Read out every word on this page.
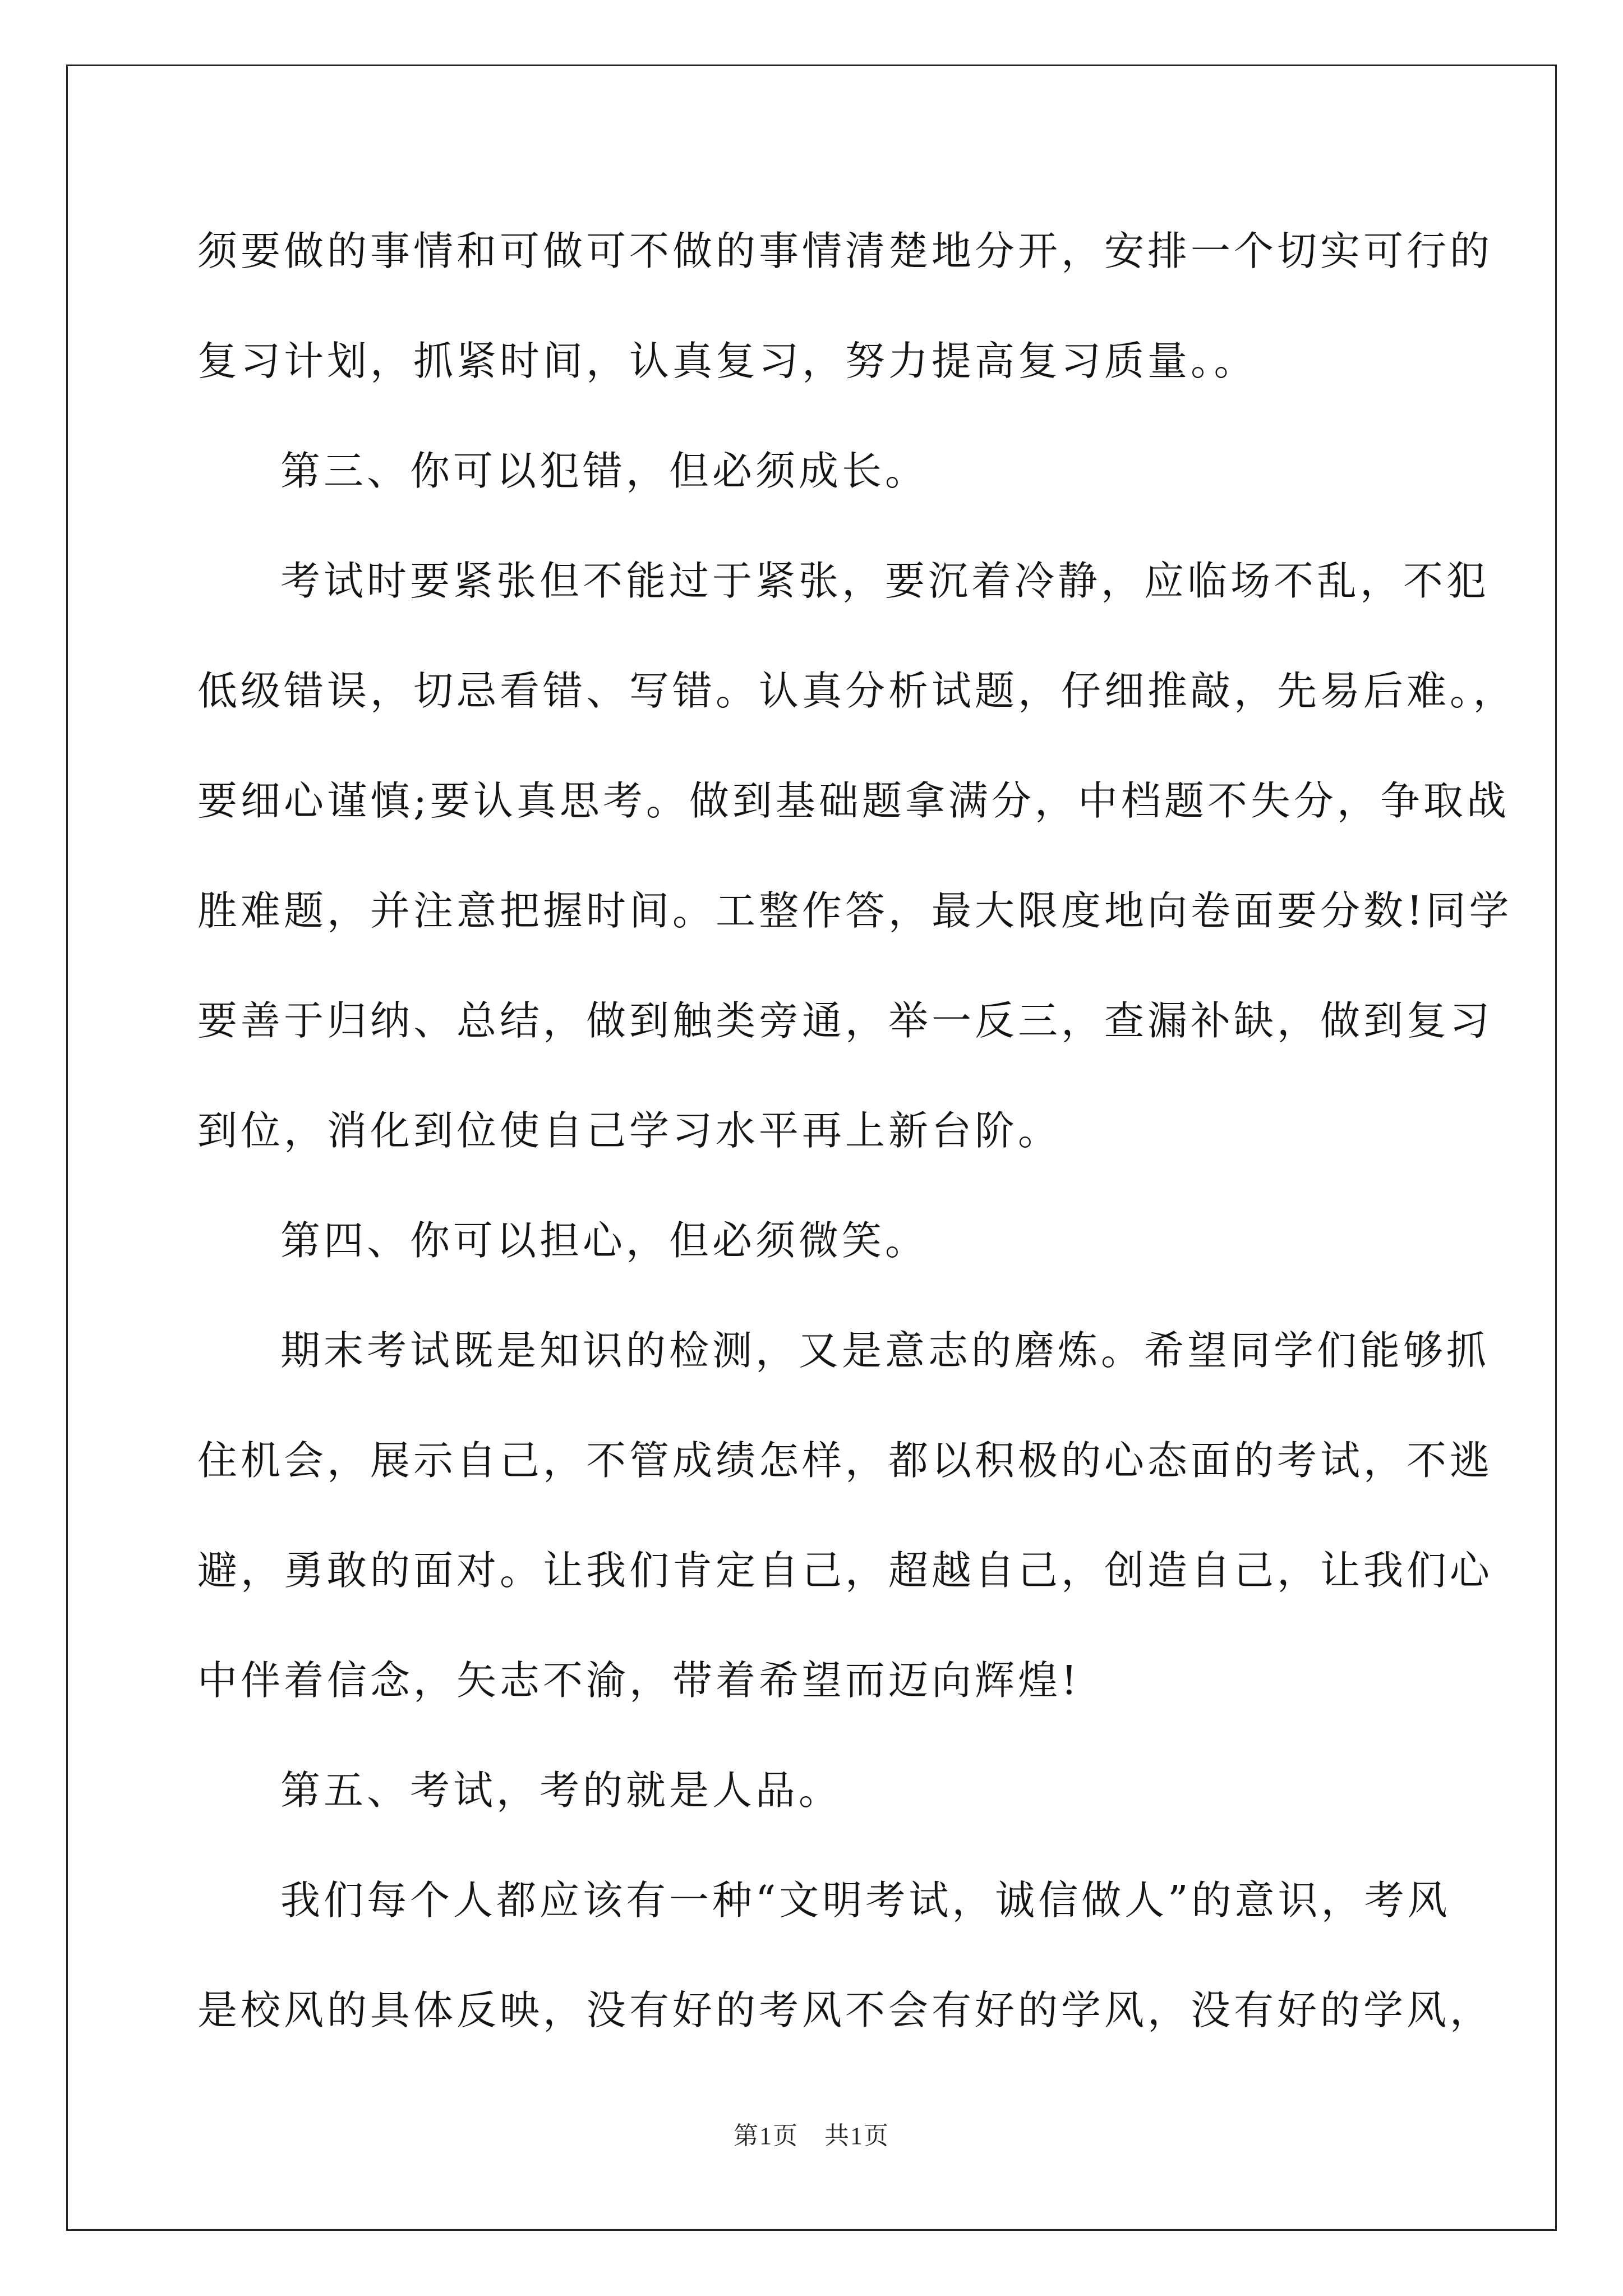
须要做的事情和可做可不做的事情清楚地分开，安排一个切实可行的
复习计划，抓紧时间，认真复习，努力提高复习质量。。
第三、你可以犯错，但必须成长。
考试时要紧张但不能过于紧张，要沉着冷静，应临场不乱，不犯
低级错误，切忌看错、写错。认真分析试题，仔细推敲，先易后难。，
要细心谨慎;要认真思考。做到基础题拿满分，中档题不失分，争取战
胜难题，并注意把握时间。工整作答，最大限度地向卷面要分数!同学
要善于归纳、总结，做到触类旁通，举一反三，查漏补缺，做到复习
到位，消化到位使自己学习水平再上新台阶。
第四、你可以担心，但必须微笑。
期末考试既是知识的检测，又是意志的磨炼。希望同学们能够抓
住机会，展示自己，不管成绩怎样，都以积极的心态面的考试，不逃
避，勇敢的面对。让我们肯定自己，超越自己，创造自己，让我们心
中伴着信念，矢志不渝，带着希望而迈向辉煌!
第五、考试，考的就是人品。
我们每个人都应该有一种“文明考试，诚信做人”的意识，考风
是校风的具体反映，没有好的考风不会有好的学风，没有好的学风，
第1页　共1页
